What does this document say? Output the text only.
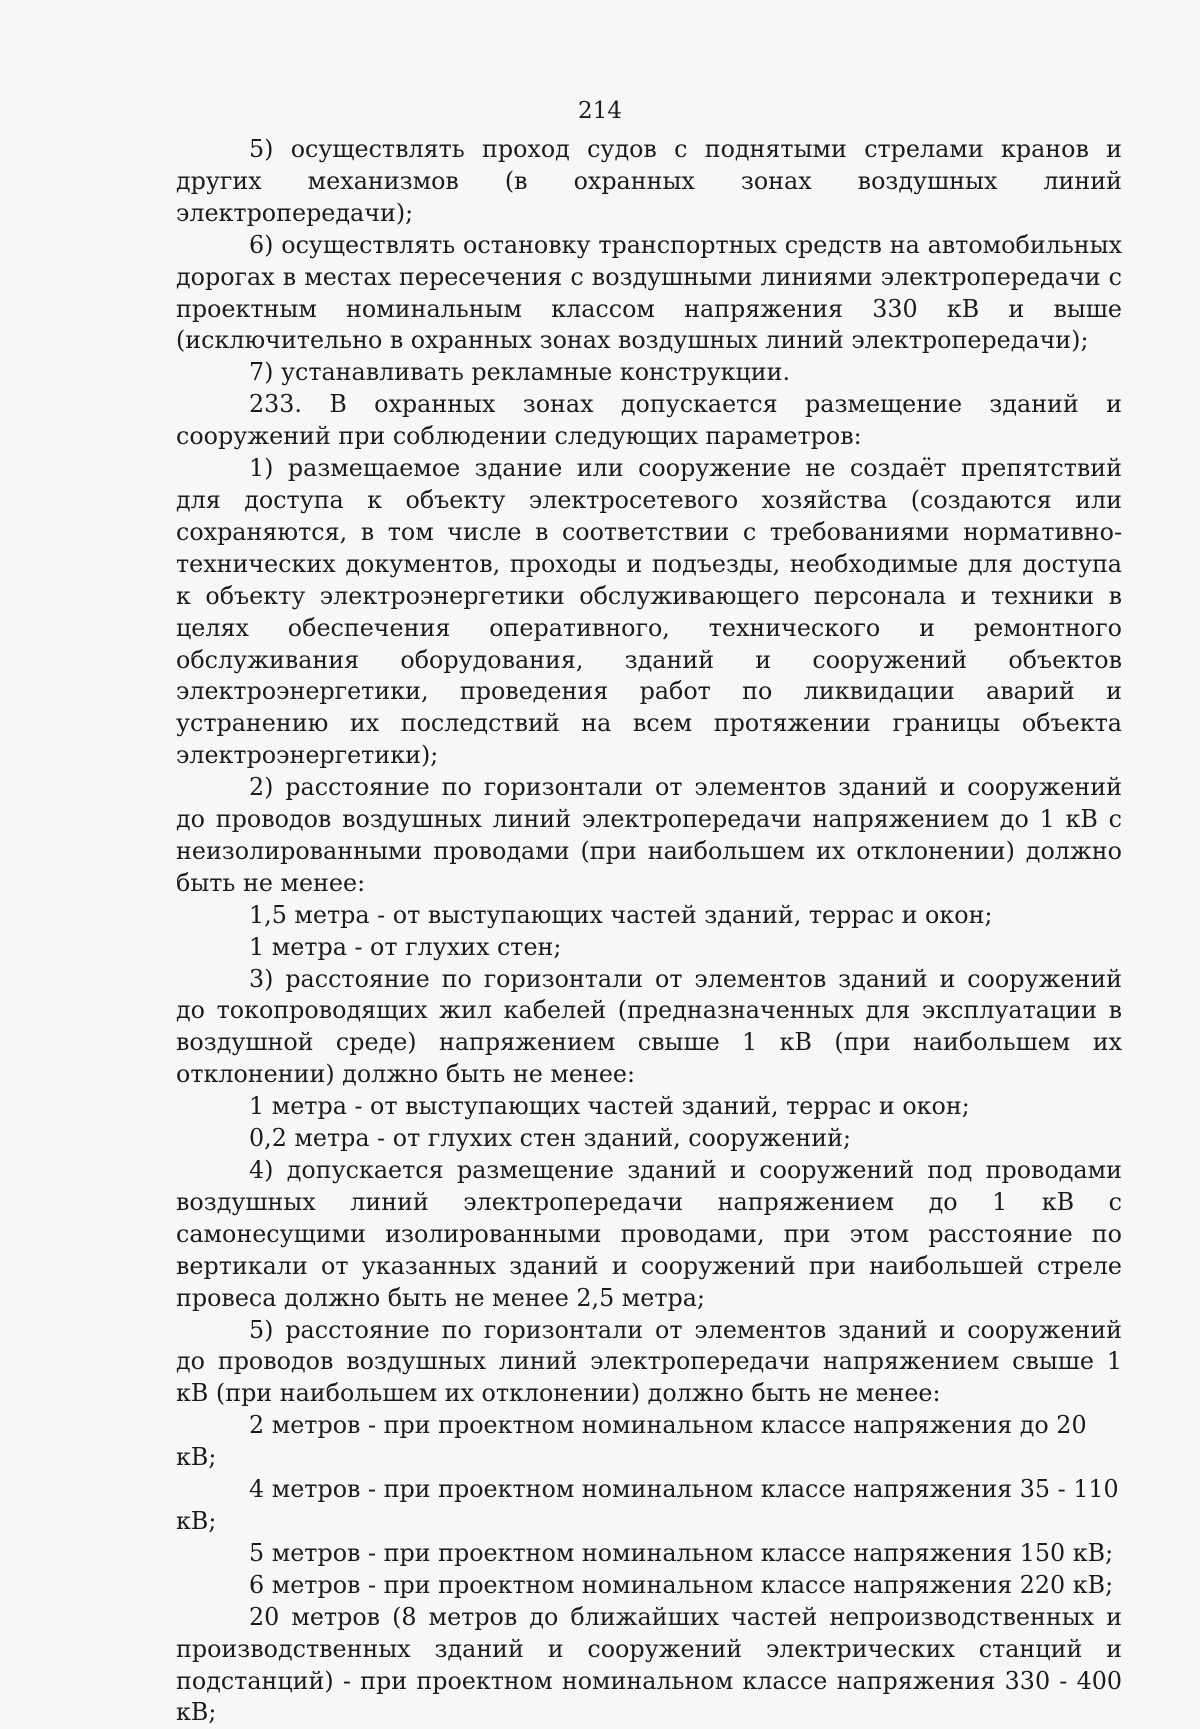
214

5) осуществлять проход судов с поднятыми стрелами кранов и других механизмов (в охранных зонах воздушных линий электропередачи);

6) осуществлять остановку транспортных средств на автомобильных дорогах в местах пересечения с воздушными линиями электропередачи с проектным номинальным классом напряжения 330 кВ и выше (исключительно в охранных зонах воздушных линий электропередачи);

7) устанавливать рекламные конструкции.

233. В охранных зонах допускается размещение зданий и сооружений при соблюдении следующих параметров:

1) размещаемое здание или сооружение не создаёт препятствий для доступа к объекту электросетевого хозяйства (создаются или сохраняются, в том числе в соответствии с требованиями нормативно-технических документов, проходы и подъезды, необходимые для доступа к объекту электроэнергетики обслуживающего персонала и техники в целях обеспечения оперативного, технического и ремонтного обслуживания оборудования, зданий и сооружений объектов электроэнергетики, проведения работ по ликвидации аварий и устранению их последствий на всем протяжении границы объекта электроэнергетики);

2) расстояние по горизонтали от элементов зданий и сооружений до проводов воздушных линий электропередачи напряжением до 1 кВ с неизолированными проводами (при наибольшем их отклонении) должно быть не менее:

1,5 метра - от выступающих частей зданий, террас и окон;

1 метра - от глухих стен;

3) расстояние по горизонтали от элементов зданий и сооружений до токопроводящих жил кабелей (предназначенных для эксплуатации в воздушной среде) напряжением свыше 1 кВ (при наибольшем их отклонении) должно быть не менее:

1 метра - от выступающих частей зданий, террас и окон;

0,2 метра - от глухих стен зданий, сооружений;

4) допускается размещение зданий и сооружений под проводами воздушных линий электропередачи напряжением до 1 кВ с самонесущими изолированными проводами, при этом расстояние по вертикали от указанных зданий и сооружений при наибольшей стреле провеса должно быть не менее 2,5 метра;

5) расстояние по горизонтали от элементов зданий и сооружений до проводов воздушных линий электропередачи напряжением свыше 1 кВ (при наибольшем их отклонении) должно быть не менее:

2 метров - при проектном номинальном классе напряжения до 20 кВ;

4 метров - при проектном номинальном классе напряжения 35 - 110 кВ;

5 метров - при проектном номинальном классе напряжения 150 кВ;

6 метров - при проектном номинальном классе напряжения 220 кВ;

20 метров (8 метров до ближайших частей непроизводственных и производственных зданий и сооружений электрических станций и подстанций) - при проектном номинальном классе напряжения 330 - 400 кВ;
